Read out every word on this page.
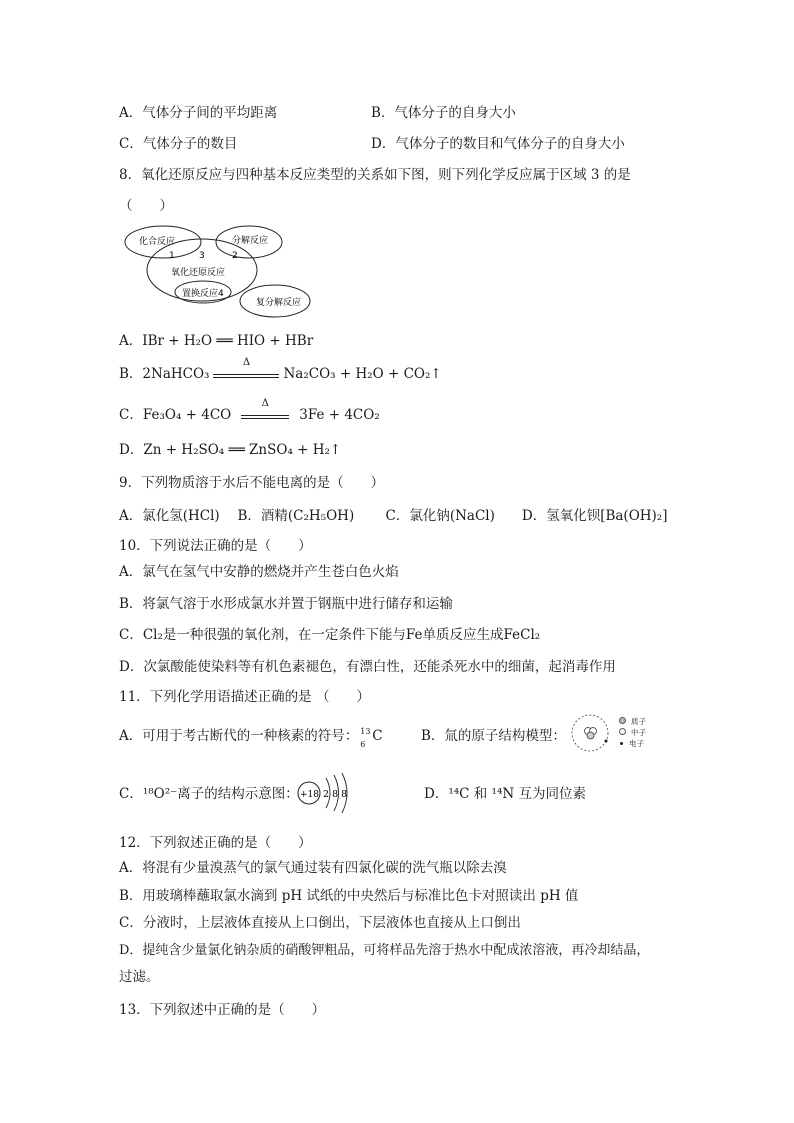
A．气体分子间的平均距离	B．气体分子的自身大小
C．气体分子的数目	D．气体分子的数目和气体分子的自身大小
8．氧化还原反应与四种基本反应类型的关系如下图，则下列化学反应属于区域 3 的是
（　　）
化合反应	分解反应
氧化还原反应
置换反应4
复分解反应
1	2
3
A．IBr + H₂O ══ HIO + HBr
B．2NaHCO₃
Δ
Na₂CO₃ + H₂O + CO₂↑
C．Fe₃O₄ + 4CO
Δ
3Fe + 4CO₂
D．Zn + H₂SO₄ ══ ZnSO₄ + H₂↑
9．下列物质溶于水后不能电离的是（　　）
A．氯化氢(HCl)　 B．酒精(C₂H₅OH)　　 C．氯化钠(NaCl)　　D．氢氧化钡[Ba(OH)₂]
10．下列说法正确的是（　　）
A．氯气在氢气中安静的燃烧并产生苍白色火焰
B．将氯气溶于水形成氯水并置于钢瓶中进行储存和运输
C．Cl₂是一种很强的氧化剂，在一定条件下能与Fe单质反应生成FeCl₂
D．次氯酸能使染料等有机色素褪色，有漂白性，还能杀死水中的细菌，起消毒作用
11．下列化学用语描述正确的是 （　　）
A．可用于考古断代的一种核素的符号： 13
6 C	B．氚的原子结构模型：
质子
中子
电子
C．¹⁸O²⁻离子的结构示意图： +18 2 8 8	D．¹⁴C 和 ¹⁴N 互为同位素
12．下列叙述正确的是（　　）
A．将混有少量溴蒸气的氯气通过装有四氯化碳的洗气瓶以除去溴
B．用玻璃棒蘸取氯水滴到 pH 试纸的中央然后与标准比色卡对照读出 pH 值
C．分液时，上层液体直接从上口倒出，下层液体也直接从上口倒出
D．提纯含少量氯化钠杂质的硝酸钾粗品，可将样品先溶于热水中配成浓溶液，再冷却结晶，
过滤。
13．下列叙述中正确的是（　　）
